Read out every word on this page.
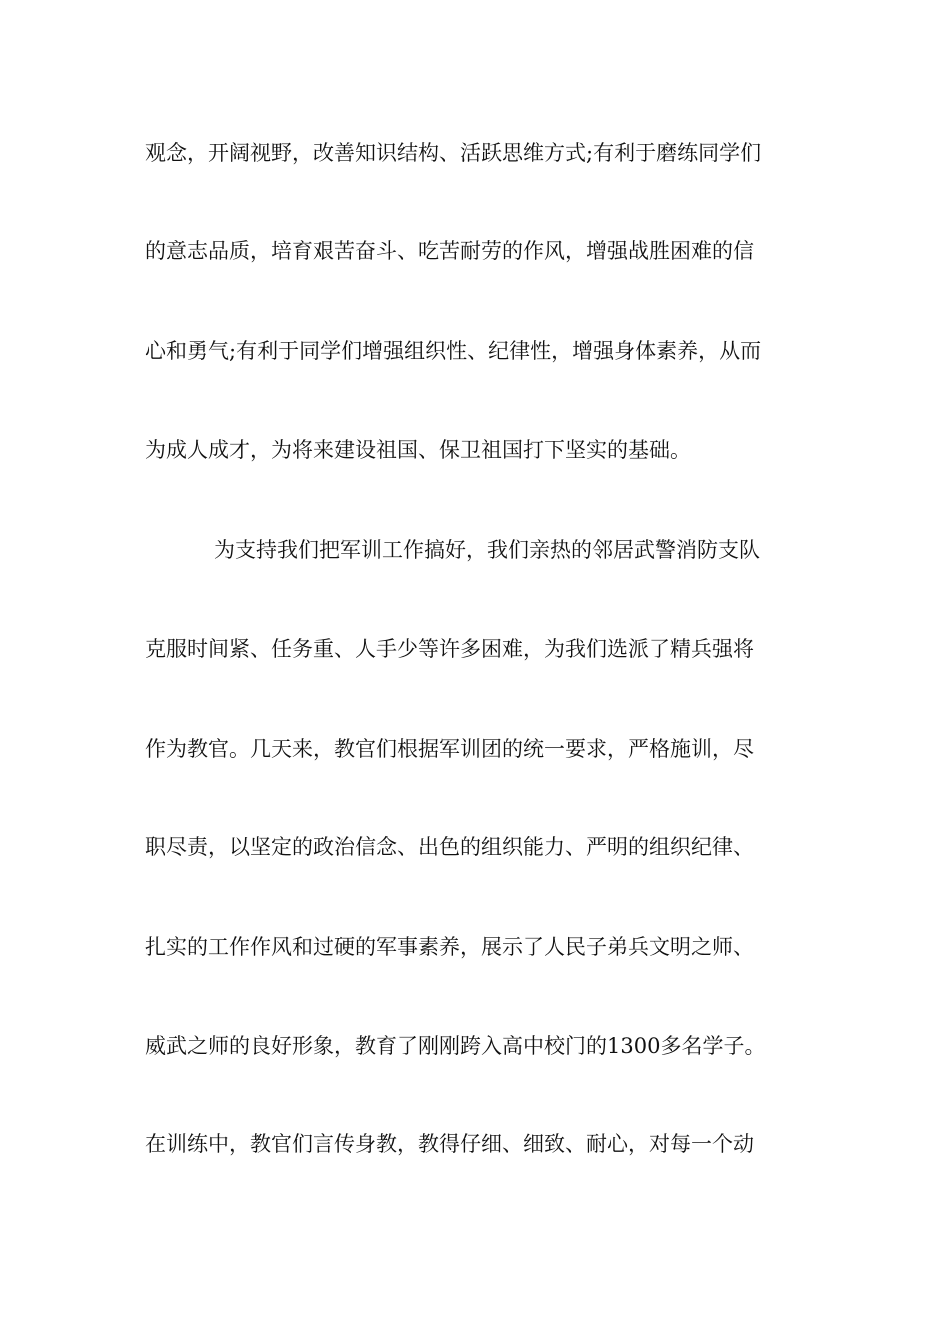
观念，开阔视野，改善知识结构、活跃思维方式;有利于磨练同学们
的意志品质，培育艰苦奋斗、吃苦耐劳的作风，增强战胜困难的信
心和勇气;有利于同学们增强组织性、纪律性，增强身体素养，从而
为成人成才，为将来建设祖国、保卫祖国打下坚实的基础。
为支持我们把军训工作搞好，我们亲热的邻居武警消防支队
克服时间紧、任务重、人手少等许多困难，为我们选派了精兵强将
作为教官。几天来，教官们根据军训团的统一要求，严格施训，尽
职尽责，以坚定的政治信念、出色的组织能力、严明的组织纪律、
扎实的工作作风和过硬的军事素养，展示了人民子弟兵文明之师、
威武之师的良好形象，教育了刚刚跨入高中校门的1300多名学子。
在训练中，教官们言传身教，教得仔细、细致、耐心，对每一个动
